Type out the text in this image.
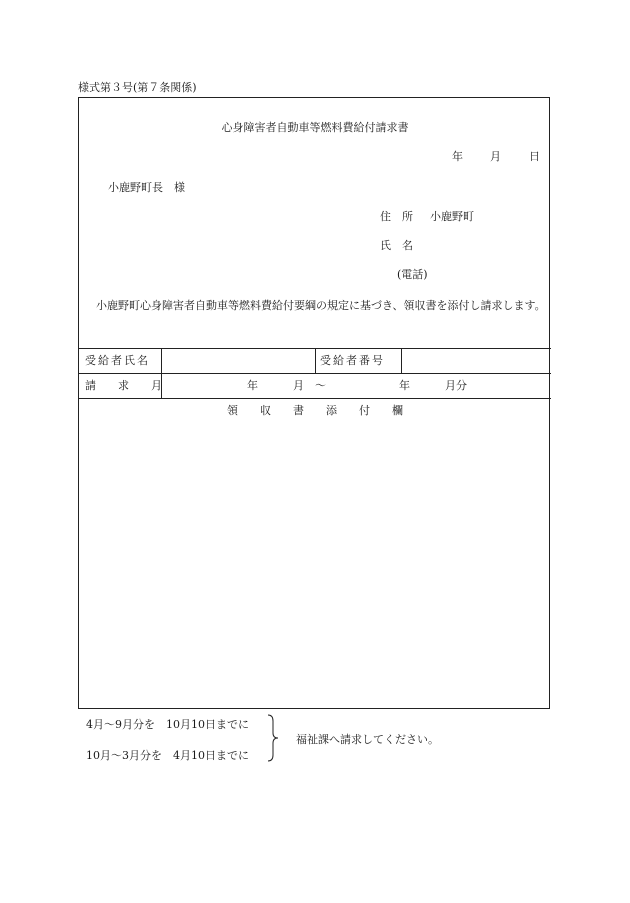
様式第３号(第７条関係)
心身障害者自動車等燃料費給付請求書
年 月	日
小鹿野町長　様
住　所 小鹿野町
氏　名
(電話)
小鹿野町心身障害者自動車等燃料費給付要綱の規定に基づき、領収書を添付し請求します。
受給者氏名	受給者番号
請　　求　　月	年	月　～	年	月分
領　　収　　書　　添　　付　　欄
4月～9月分を　10月10日までに
10月～3月分を　4月10日までに
福祉課へ請求してください。
